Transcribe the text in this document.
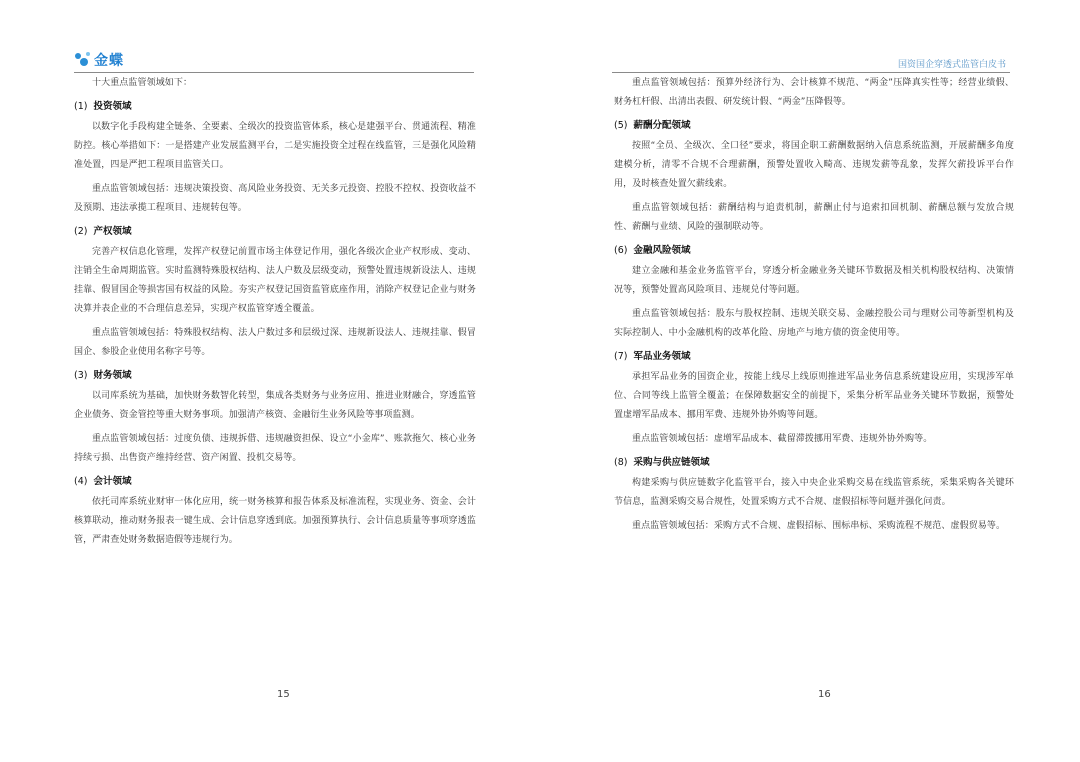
金蝶

十大重点监管领域如下：

(1) 投资领域

以数字化手段构建全链条、全要素、全级次的投资监管体系，核心是建强平台、贯通流程、精准防控。核心举措如下：一是搭建产业发展监测平台，二是实施投资全过程在线监管，三是强化风险精准处置，四是严把工程项目监管关口。

重点监管领域包括：违规决策投资、高风险业务投资、无关多元投资、控股不控权、投资收益不及预期、违法承揽工程项目、违规转包等。

(2) 产权领域

完善产权信息化管理，发挥产权登记前置市场主体登记作用，强化各级次企业产权形成、变动、注销全生命周期监管。实时监测特殊股权结构、法人户数及层级变动，预警处置违规新设法人、违规挂靠、假冒国企等损害国有权益的风险。夯实产权登记国资监管底座作用，消除产权登记企业与财务决算并表企业的不合理信息差异，实现产权监管穿透全覆盖。

重点监管领域包括：特殊股权结构、法人户数过多和层级过深、违规新设法人、违规挂靠、假冒国企、参股企业使用名称字号等。

(3) 财务领域

以司库系统为基础，加快财务数智化转型，集成各类财务与业务应用、推进业财融合，穿透监管企业债务、资金管控等重大财务事项。加强清产核资、金融衍生业务风险等事项监测。

重点监管领域包括：过度负债、违规拆借、违规融资担保、设立“小金库”、账款拖欠、核心业务持续亏损、出售资产维持经营、资产闲置、投机交易等。

(4) 会计领域

依托司库系统业财审一体化应用，统一财务核算和报告体系及标准流程，实现业务、资金、会计核算联动，推动财务报表一键生成、会计信息穿透到底。加强预算执行、会计信息质量等事项穿透监管，严肃查处财务数据造假等违规行为。

15
国资国企穿透式监管白皮书

重点监管领域包括：预算外经济行为、会计核算不规范、“两金”压降真实性等；经营业绩假、财务杠杆假、出清出表假、研发统计假、“两金”压降假等。

(5) 薪酬分配领域

按照“全员、全级次、全口径”要求，将国企职工薪酬数据纳入信息系统监测，开展薪酬多角度建模分析，清零不合规不合理薪酬，预警处置收入畸高、违规发薪等乱象，发挥欠薪投诉平台作用，及时核查处置欠薪线索。

重点监管领域包括：薪酬结构与追责机制，薪酬止付与追索扣回机制、薪酬总额与发放合规性、薪酬与业绩、风险的强制联动等。

(6) 金融风险领域

建立金融和基金业务监管平台，穿透分析金融业务关键环节数据及相关机构股权结构、决策情况等，预警处置高风险项目、违规兑付等问题。

重点监管领域包括：股东与股权控制、违规关联交易、金融控股公司与理财公司等新型机构及实际控制人、中小金融机构的改革化险、房地产与地方债的资金使用等。

(7) 军品业务领域

承担军品业务的国资企业，按能上线尽上线原则推进军品业务信息系统建设应用，实现涉军单位、合同等线上监管全覆盖；在保障数据安全的前提下，采集分析军品业务关键环节数据，预警处置虚增军品成本、挪用军费、违规外协外购等问题。

重点监管领域包括：虚增军品成本、截留滞拨挪用军费、违规外协外购等。

(8) 采购与供应链领域

构建采购与供应链数字化监管平台，接入中央企业采购交易在线监管系统，采集采购各关键环节信息，监测采购交易合规性，处置采购方式不合规、虚假招标等问题并强化问责。

重点监管领域包括：采购方式不合规、虚假招标、围标串标、采购流程不规范、虚假贸易等。

16
